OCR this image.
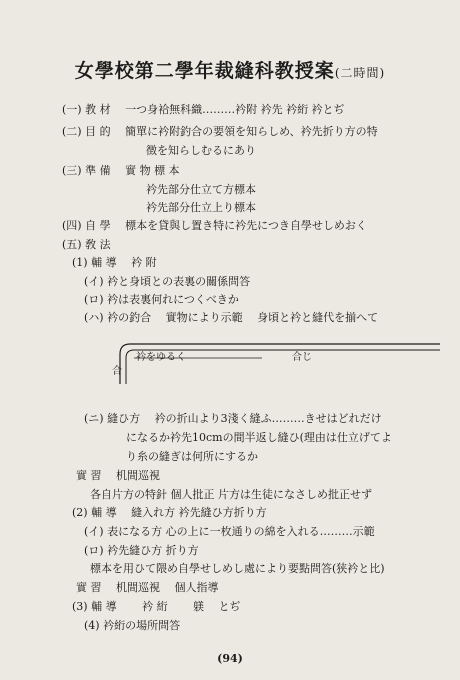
女學校第二學年裁縫科教授案(二時間)
(一) 教 材　 一つ身袷無科織………衿附 衿先 衿絎 衿とぢ
(二) 目 的　 簡單に衿附釣合の要領を知らしめ、衿先折り方の特
徴を知らしむるにあり
(三) 準 備　 實 物 標 本
衿先部分仕立て方標本
衿先部分仕立上り標本
(四) 自 學　 標本を貸與し置き特に衿先につき自學せしめおく
(五) 敎 法
(1) 輔 導　 衿 附
(イ) 衿と身頃との表裏の關係問答
(ロ) 衿は表裏何れにつくべきか
(ハ) 衿の釣合　 實物により示範　 身頃と衿と縫代を揃へて
(ニ) 縫ひ方　 衿の折山より3淺く縫ふ………きせはどれだけ
になるか衿先10cmの間半返し縫ひ(理由は仕立げてよ
り糸の縫ぎは何所にするか
實 習　 机間巡視
各自片方の特針 個人批正 片方は生徒になさしめ批正せず
(2) 輔 導　 縫入れ方 衿先縫ひ方折り方
(イ) 表になる方 心の上に一枚通りの綿を入れる………示範
(ロ) 衿先縫ひ方 折り方
標本を用ひて隈め自學せしめし處により要點問答(狭衿と比)
實 習　 机間巡視　 個人指導
(3) 輔 導　　 衿 絎　　 躾　 とぢ
(4) 衿絎の場所問答
衿をゆるく	合じ
合
(94)
